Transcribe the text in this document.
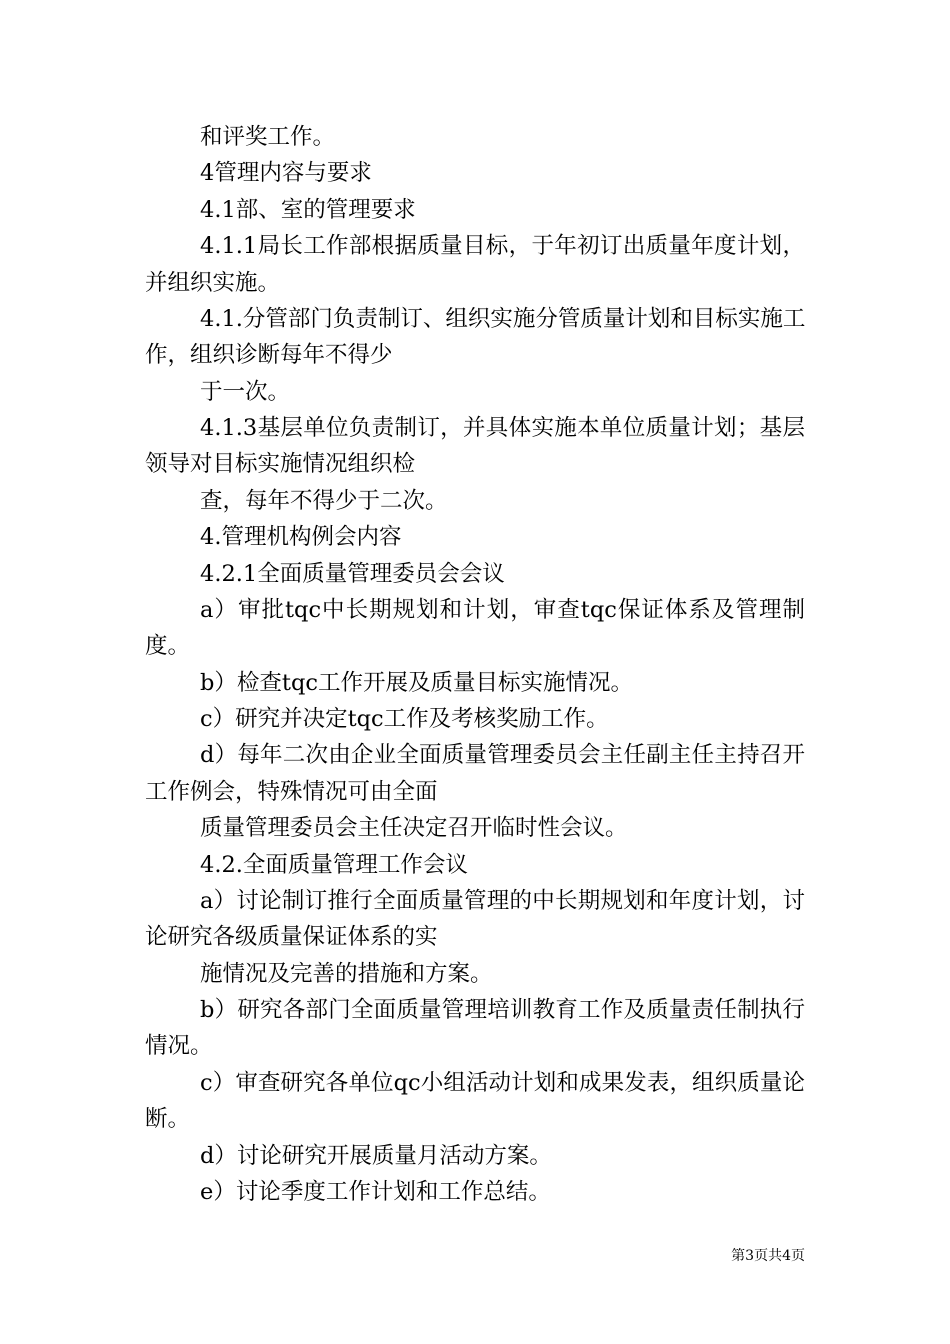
和评奖工作。
4管理内容与要求
4.1部、室的管理要求
4.1.1局长工作部根据质量目标，于年初订出质量年度计划，
并组织实施。
4.1.分管部门负责制订、组织实施分管质量计划和目标实施工
作，组织诊断每年不得少
于一次。
4.1.3基层单位负责制订，并具体实施本单位质量计划；基层
领导对目标实施情况组织检
查，每年不得少于二次。
4.管理机构例会内容
4.2.1全面质量管理委员会会议
a）审批tqc中长期规划和计划，审查tqc保证体系及管理制
度。
b）检查tqc工作开展及质量目标实施情况。
c）研究并决定tqc工作及考核奖励工作。
d）每年二次由企业全面质量管理委员会主任副主任主持召开
工作例会，特殊情况可由全面
质量管理委员会主任决定召开临时性会议。
4.2.全面质量管理工作会议
a）讨论制订推行全面质量管理的中长期规划和年度计划，讨
论研究各级质量保证体系的实
施情况及完善的措施和方案。
b）研究各部门全面质量管理培训教育工作及质量责任制执行
情况。
c）审查研究各单位qc小组活动计划和成果发表，组织质量论
断。
d）讨论研究开展质量月活动方案。
e）讨论季度工作计划和工作总结。
第3页共4页
